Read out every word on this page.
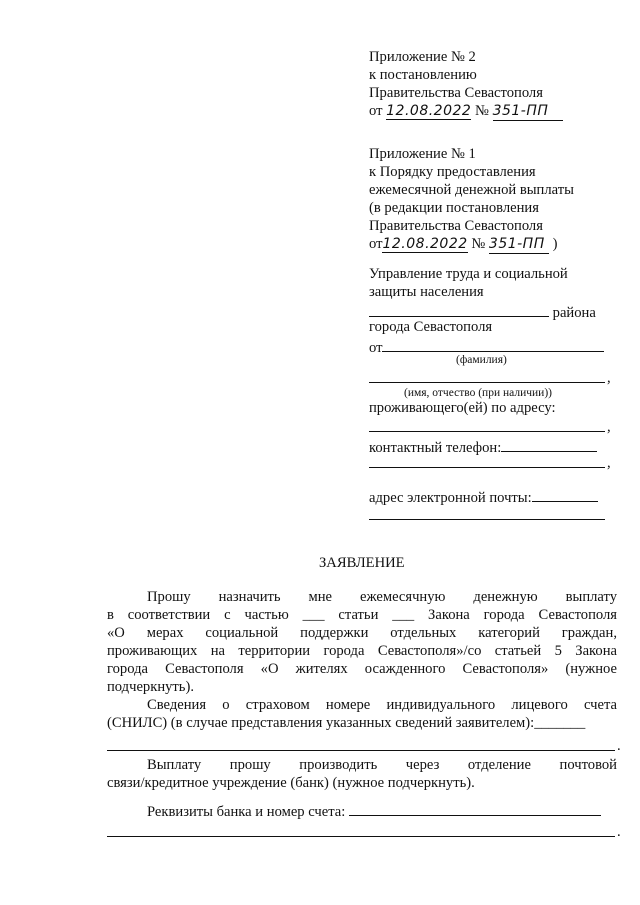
Приложение № 2
к постановлению
Правительства Севастополя
от 12.08.2022 № 351-ПП
Приложение № 1
к Порядку предоставления
ежемесячной денежной выплаты
(в редакции постановления
Правительства Севастополя
от12.08.2022 № 351-ПП )
Управление труда и социальной
защиты населения
района
города Севастополя
от
(фамилия)
,
(имя, отчество (при наличии))
проживающего(ей) по адресу:
,
контактный телефон:
,
адрес электронной почты:
ЗАЯВЛЕНИЕ
Прошу назначить мне ежемесячную денежную выплату
в соответствии с частью ___ статьи ___ Закона города Севастополя
«О мерах социальной поддержки отдельных категорий граждан,
проживающих на территории города Севастополя»/со статьей 5 Закона
города Севастополя «О жителях осажденного Севастополя» (нужное
подчеркнуть).
Сведения о страховом номере индивидуального лицевого счета
(СНИЛС) (в случае представления указанных сведений заявителем):_______
.
Выплату прошу производить через отделение почтовой
связи/кредитное учреждение (банк) (нужное подчеркнуть).
Реквизиты банка и номер счета:
.
